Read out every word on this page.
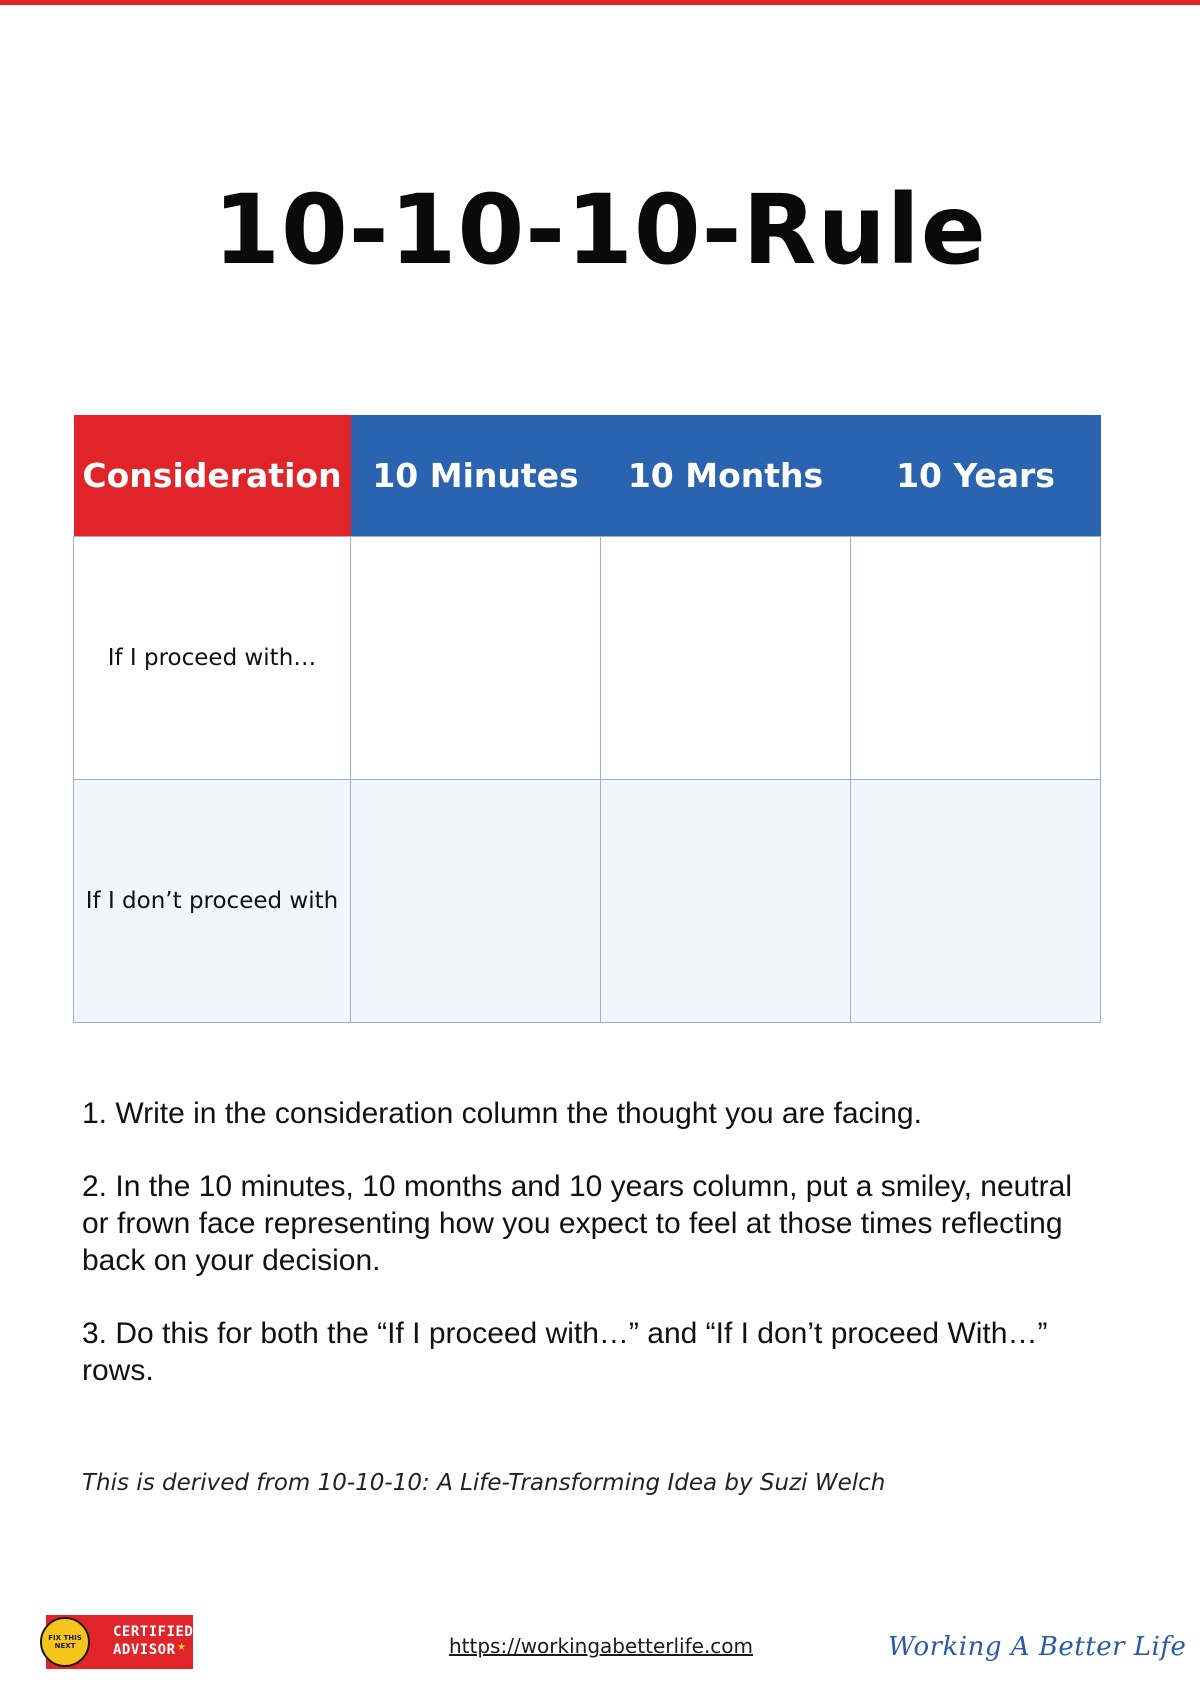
10-10-10-Rule
Consideration	10 Minutes	10 Months	10 Years
If I proceed with…			
If I don’t proceed with			

1. Write in the consideration column the thought you are facing.

2. In the 10 minutes, 10 months and 10 years column, put a smiley, neutral or frown face representing how you expect to feel at those times reflecting back on your decision.

3. Do this for both the “If I proceed with…” and “If I don’t proceed With…” rows.

This is derived from 10-10-10: A Life-Transforming Idea by Suzi Welch
FIX THIS NEXT
CERTIFIED
ADVISOR ★	https://workingabetterlife.com	Working A Better Life
